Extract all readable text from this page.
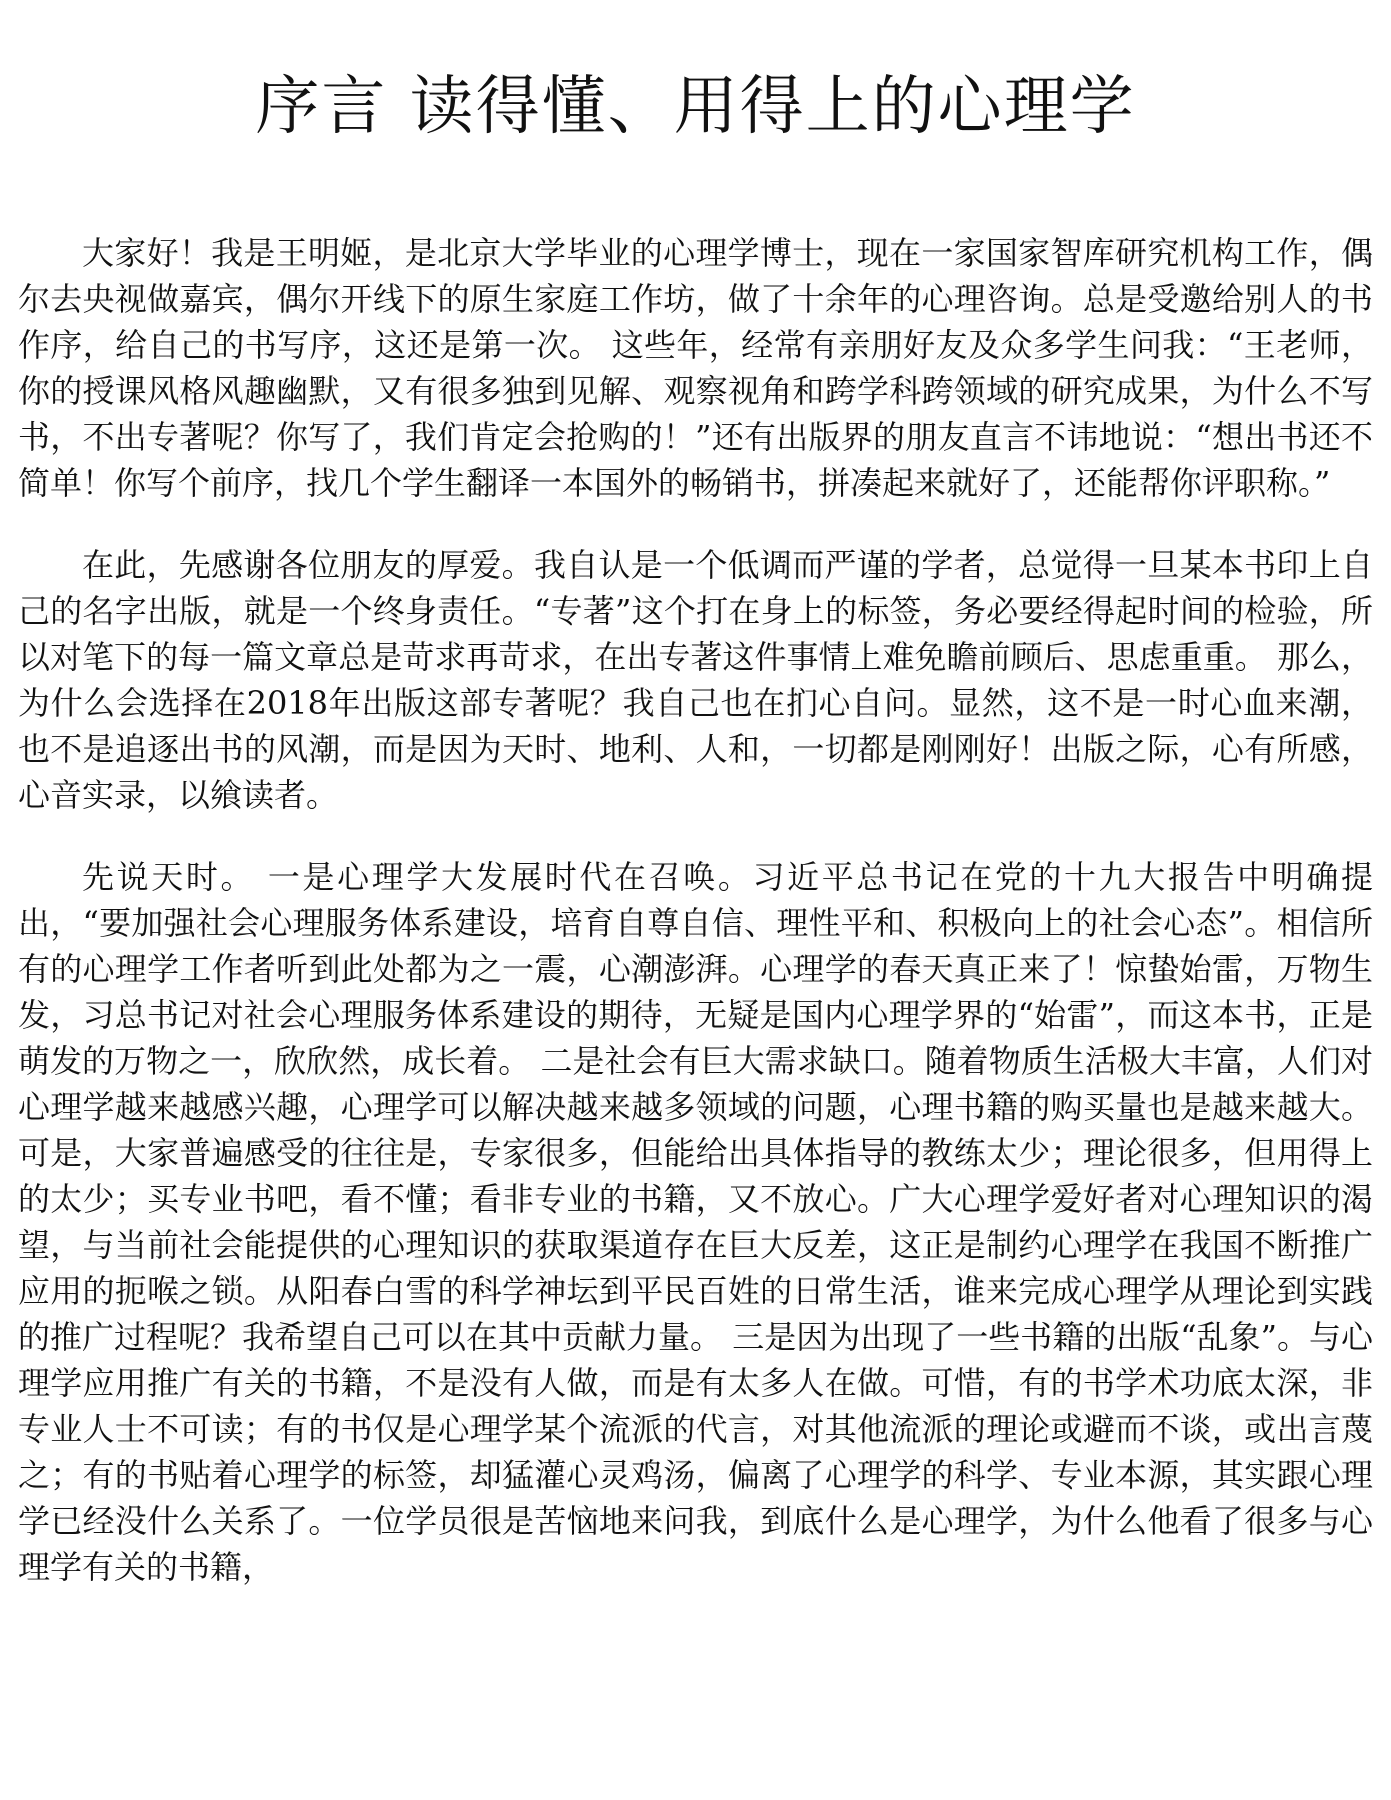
序言 读得懂、用得上的心理学

大家好！我是王明姬，是北京大学毕业的心理学博士，现在一家国家智库研究机构工作，偶尔去央视做嘉宾，偶尔开线下的原生家庭工作坊，做了十余年的心理咨询。总是受邀给别人的书作序，给自己的书写序，这还是第一次。 这些年，经常有亲朋好友及众多学生问我：“王老师，你的授课风格风趣幽默，又有很多独到见解、观察视角和跨学科跨领域的研究成果，为什么不写书，不出专著呢？你写了，我们肯定会抢购的！”还有出版界的朋友直言不讳地说：“想出书还不简单！你写个前序，找几个学生翻译一本国外的畅销书，拼凑起来就好了，还能帮你评职称。”

在此，先感谢各位朋友的厚爱。我自认是一个低调而严谨的学者，总觉得一旦某本书印上自己的名字出版，就是一个终身责任。“专著”这个打在身上的标签，务必要经得起时间的检验，所以对笔下的每一篇文章总是苛求再苛求，在出专著这件事情上难免瞻前顾后、思虑重重。 那么，为什么会选择在2018年出版这部专著呢？我自己也在扪心自问。显然，这不是一时心血来潮，也不是追逐出书的风潮，而是因为天时、地利、人和，一切都是刚刚好！出版之际，心有所感，心音实录，以飨读者。

先说天时。 一是心理学大发展时代在召唤。习近平总书记在党的十九大报告中明确提出，“要加强社会心理服务体系建设，培育自尊自信、理性平和、积极向上的社会心态”。相信所有的心理学工作者听到此处都为之一震，心潮澎湃。心理学的春天真正来了！惊蛰始雷，万物生发，习总书记对社会心理服务体系建设的期待，无疑是国内心理学界的“始雷”，而这本书，正是萌发的万物之一，欣欣然，成长着。 二是社会有巨大需求缺口。随着物质生活极大丰富，人们对心理学越来越感兴趣，心理学可以解决越来越多领域的问题，心理书籍的购买量也是越来越大。可是，大家普遍感受的往往是，专家很多，但能给出具体指导的教练太少；理论很多，但用得上的太少；买专业书吧，看不懂；看非专业的书籍，又不放心。广大心理学爱好者对心理知识的渴望，与当前社会能提供的心理知识的获取渠道存在巨大反差，这正是制约心理学在我国不断推广应用的扼喉之锁。从阳春白雪的科学神坛到平民百姓的日常生活，谁来完成心理学从理论到实践的推广过程呢？我希望自己可以在其中贡献力量。 三是因为出现了一些书籍的出版“乱象”。与心理学应用推广有关的书籍，不是没有人做，而是有太多人在做。可惜，有的书学术功底太深，非专业人士不可读；有的书仅是心理学某个流派的代言，对其他流派的理论或避而不谈，或出言蔑之；有的书贴着心理学的标签，却猛灌心灵鸡汤，偏离了心理学的科学、专业本源，其实跟心理学已经没什么关系了。一位学员很是苦恼地来问我，到底什么是心理学，为什么他看了很多与心理学有关的书籍，
